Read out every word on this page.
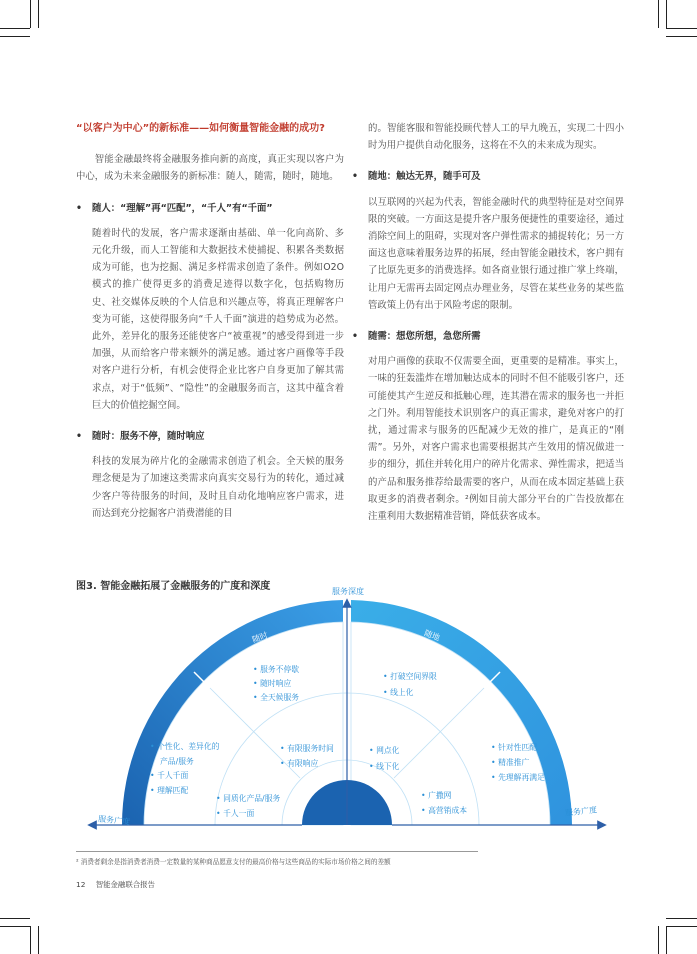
“以客户为中心”的新标准——如何衡量智能金融的成功?
智能金融最终将金融服务推向新的高度，真正实现以客户为中心，成为未来金融服务的新标准：随人，随需，随时，随地。
• 随人：“理解”再“匹配”，“千人”有“千面”
随着时代的发展，客户需求逐渐由基础、单一化向高阶、多元化升级，而人工智能和大数据技术使捕捉、积累各类数据成为可能，也为挖掘、满足多样需求创造了条件。例如O2O模式的推广使得更多的消费足迹得以数字化，包括购物历史、社交媒体反映的个人信息和兴趣点等，将真正理解客户变为可能，这使得服务向“千人千面”演进的趋势成为必然。此外，差异化的服务还能使客户“被重视”的感受得到进一步加强，从而给客户带来额外的满足感。通过客户画像等手段对客户进行分析，有机会使得企业比客户自身更加了解其需求点，对于“低频”、“隐性”的金融服务而言，这其中蕴含着巨大的价值挖掘空间。
• 随时：服务不停，随时响应
科技的发展为碎片化的金融需求创造了机会。全天候的服务理念便是为了加速这类需求向真实交易行为的转化，通过减少客户等待服务的时间，及时且自动化地响应客户需求，进而达到充分挖掘客户消费潜能的目
的。智能客服和智能投顾代替人工的早九晚五，实现二十四小时为用户提供自动化服务，这将在不久的未来成为现实。
• 随地：触达无界，随手可及
以互联网的兴起为代表，智能金融时代的典型特征是对空间界限的突破。一方面这是提升客户服务便捷性的重要途径，通过消除空间上的阻碍，实现对客户弹性需求的捕捉转化；另一方面这也意味着服务边界的拓展，经由智能金融技术，客户拥有了比原先更多的消费选择。如各商业银行通过推广掌上终端，让用户无需再去固定网点办理业务，尽管在某些业务的某些监管政策上仍有出于风险考虑的限制。
• 随需：想您所想，急您所需
对用户画像的获取不仅需要全面，更重要的是精准。事实上，一味的狂轰滥炸在增加触达成本的同时不但不能吸引客户，还可能使其产生逆反和抵触心理，连其潜在需求的服务也一并拒之门外。利用智能技术识别客户的真正需求，避免对客户的打扰，通过需求与服务的匹配减少无效的推广，是真正的“刚需”。另外，对客户需求也需要根据其产生效用的情况做进一步的细分，抓住并转化用户的碎片化需求、弹性需求，把适当的产品和服务推荐给最需要的客户，从而在成本固定基础上获取更多的消费者剩余。²例如目前大部分平台的广告投放都在注重利用大数据精准营销，降低获客成本。
图3. 智能金融拓展了金融服务的广度和深度	服务深度
服务广度
服务广度
随时	随地
随人	随需
• 服务不停歇
• 随时响应
• 全天候服务
• 打破空间界限
• 线上化
• 个性化、差异化的
产品/服务
• 千人千面
• 理解匹配
• 有限服务时间
• 有限响应
• 网点化
• 线下化
• 针对性匹配
• 精准推广
• 先理解再满足
• 同质化产品/服务
• 千人一面
• 广撒网
• 高营销成本
² 消费者剩余是指消费者消费一定数量的某种商品愿意支付的最高价格与这些商品的实际市场价格之间的差额
12 智能金融联合报告
